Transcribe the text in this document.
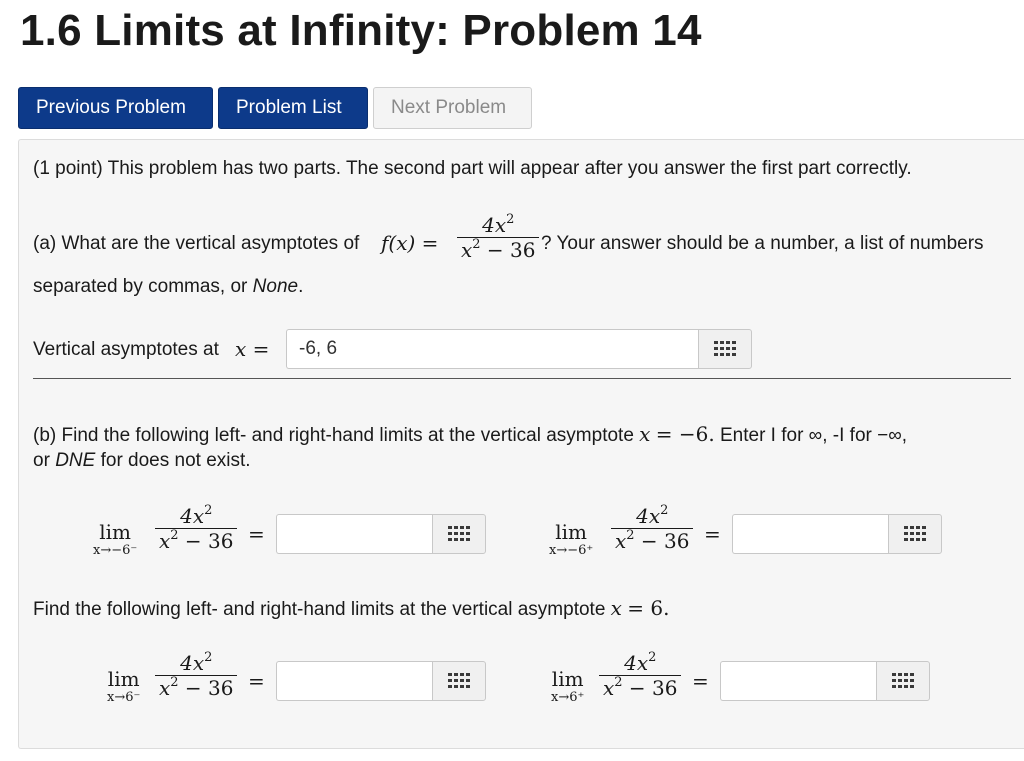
1.6 Limits at Infinity: Problem 14
Previous Problem	Problem List	Next Problem
(1 point) This problem has two parts. The second part will appear after you answer the first part correctly.
(a) What are the vertical asymptotes of f(x) =
$4x^2$
$x^2 - 36$ ? Your answer should be a number, a list of numbers
separated by commas, or None.
Vertical asymptotes at x =
-6, 6
(b) Find the following left- and right-hand limits at the vertical asymptote x = −6. Enter I for ∞, -I for −∞,
or DNE for does not exist.
lim
x→−6⁻
$4x^2$
$x^2 - 36$ =	lim
x→−6⁺
$4x^2$
$x^2 - 36$ =
Find the following left- and right-hand limits at the vertical asymptote x = 6.
lim
x→6⁻
$4x^2$
$x^2 - 36$ =	lim
x→6⁺
$4x^2$
$x^2 - 36$ =
